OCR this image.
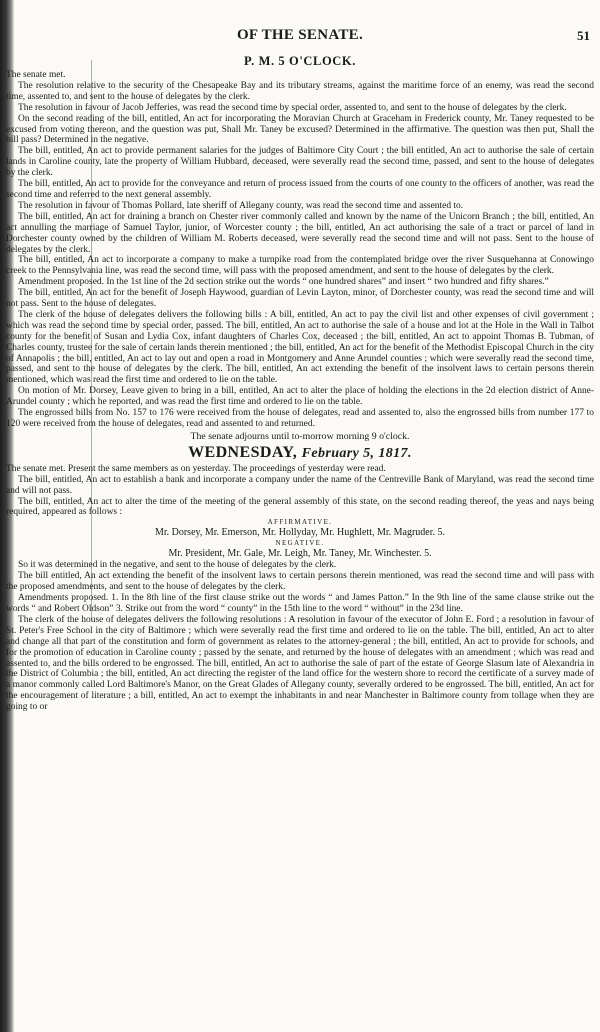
OF THE SENATE.	51
P. M. 5 O'CLOCK.

The senate met.

The resolution relative to the security of the Chesapeake Bay and its tributary streams, against the maritime force of an enemy, was read the second time, assented to, and sent to the house of delegates by the clerk.

The resolution in favour of Jacob Jefferies, was read the second time by special order, assented to, and sent to the house of delegates by the clerk.

On the second reading of the bill, entitled, An act for incorporating the Moravian Church at Graceham in Frederick county, Mr. Taney requested to be excused from voting thereon, and the question was put, Shall Mr. Taney be excused? Determined in the affirmative. The question was then put, Shall the bill pass? Determined in the negative.

The bill, entitled, An act to provide permanent salaries for the judges of Baltimore City Court ; the bill entitled, An act to authorise the sale of certain lands in Caroline county, late the property of William Hubbard, deceased, were severally read the second time, passed, and sent to the house of delegates by the clerk.

The bill, entitled, An act to provide for the conveyance and return of process issued from the courts of one county to the officers of another, was read the second time and referred to the next general assembly.

The resolution in favour of Thomas Pollard, late sheriff of Allegany county, was read the second time and assented to.

The bill, entitled, An act for draining a branch on Chester river commonly called and known by the name of the Unicorn Branch ; the bill, entitled, An act annulling the marriage of Samuel Taylor, junior, of Worcester county ; the bill, entitled, An act authorising the sale of a tract or parcel of land in Dorchester county owned by the children of William M. Roberts deceased, were severally read the second time and will not pass. Sent to the house of delegates by the clerk.

The bill, entitled, An act to incorporate a company to make a turnpike road from the contemplated bridge over the river Susquehanna at Conowingo creek to the Pennsylvania line, was read the second time, will pass with the proposed amendment, and sent to the house of delegates by the clerk.

Amendment proposed. In the 1st line of the 2d section strike out the words “ one hundred shares” and insert “ two hundred and fifty shares.”

The bill, entitled, An act for the benefit of Joseph Haywood, guardian of Levin Layton, minor, of Dorchester county, was read the second time and will not pass. Sent to the house of delegates.

The clerk of the house of delegates delivers the following bills : A bill, entitled, An act to pay the civil list and other expenses of civil government ; which was read the second time by special order, passed. The bill, entitled, An act to authorise the sale of a house and lot at the Hole in the Wall in Talbot county for the benefit of Susan and Lydia Cox, infant daughters of Charles Cox, deceased ; the bill, entitled, An act to appoint Thomas B. Tubman, of Charles county, trustee for the sale of certain lands therein mentioned ; the bill, entitled, An act for the benefit of the Methodist Episcopal Church in the city of Annapolis ; the bill, entitled, An act to lay out and open a road in Montgomery and Anne Arundel counties ; which were severally read the second time, passed, and sent to the house of delegates by the clerk. The bill, entitled, An act extending the benefit of the insolvent laws to certain persons therein mentioned, which was read the first time and ordered to lie on the table.

On motion of Mr. Dorsey, Leave given to bring in a bill, entitled, An act to alter the place of holding the elections in the 2d election district of Anne-Arundel county ; which he reported, and was read the first time and ordered to lie on the table.

The engrossed bills from No. 157 to 176 were received from the house of delegates, read and assented to, also the engrossed bills from number 177 to 120 were received from the house of delegates, read and assented to and returned.

The senate adjourns until to-morrow morning 9 o'clock.

WEDNESDAY, February 5, 1817.

The senate met. Present the same members as on yesterday. The proceedings of yesterday were read.

The bill, entitled, An act to establish a bank and incorporate a company under the name of the Centreville Bank of Maryland, was read the second time and will not pass.

The bill, entitled, An act to alter the time of the meeting of the general assembly of this state, on the second reading thereof, the yeas and nays being required, appeared as follows :

AFFIRMATIVE.
Mr. Dorsey, Mr. Emerson, Mr. Hollyday, Mr. Hughlett, Mr. Magruder. 5.
NEGATIVE.
Mr. President, Mr. Gale, Mr. Leigh, Mr. Taney, Mr. Winchester. 5.

So it was determined in the negative, and sent to the house of delegates by the clerk.

The bill entitled, An act extending the benefit of the insolvent laws to certain persons therein mentioned, was read the second time and will pass with the proposed amendments, and sent to the house of delegates by the clerk.

Amendments proposed. 1. In the 8th line of the first clause strike out the words “ and James Patton.” In the 9th line of the same clause strike out the words “ and Robert Oldson” 3. Strike out from the word “ county” in the 15th line to the word “ without” in the 23d line.

The clerk of the house of delegates delivers the following resolutions : A resolution in favour of the executor of John E. Ford ; a resolution in favour of St. Peter's Free School in the city of Baltimore ; which were severally read the first time and ordered to lie on the table. The bill, entitled, An act to alter and change all that part of the constitution and form of government as relates to the attorney-general ; the bill, entitled, An act to provide for schools, and for the promotion of education in Caroline county ; passed by the senate, and returned by the house of delegates with an amendment ; which was read and assented to, and the bills ordered to be engrossed. The bill, entitled, An act to authorise the sale of part of the estate of George Slasum late of Alexandria in the District of Columbia ; the bill, entitled, An act directing the register of the land office for the western shore to record the certificate of a survey made of a manor commonly called Lord Baltimore's Manor, on the Great Glades of Allegany county, severally ordered to be engrossed. The bill, entitled, An act for the encouragement of literature ; a bill, entitled, An act to exempt the inhabitants in and near Manchester in Baltimore county from tollage when they are going to or
